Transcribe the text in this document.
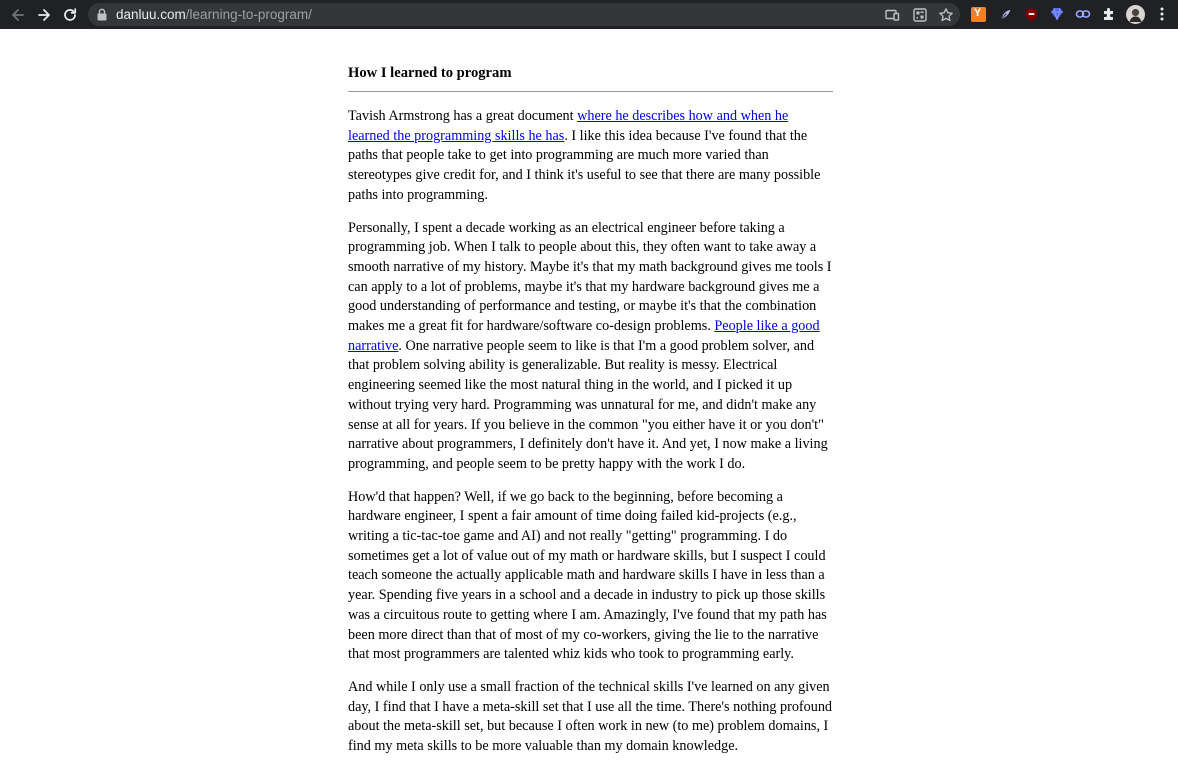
danluu.com/learning-to-program/	Y
How I learned to program

Tavish Armstrong has a great document where he describes how and when he learned the programming skills he has. I like this idea because I've found that the paths that people take to get into programming are much more varied than stereotypes give credit for, and I think it's useful to see that there are many possible paths into programming.

Personally, I spent a decade working as an electrical engineer before taking a programming job. When I talk to people about this, they often want to take away a smooth narrative of my history. Maybe it's that my math background gives me tools I can apply to a lot of problems, maybe it's that my hardware background gives me a good understanding of performance and testing, or maybe it's that the combination makes me a great fit for hardware/software co-design problems. People like a good narrative. One narrative people seem to like is that I'm a good problem solver, and that problem solving ability is generalizable. But reality is messy. Electrical engineering seemed like the most natural thing in the world, and I picked it up without trying very hard. Programming was unnatural for me, and didn't make any sense at all for years. If you believe in the common "you either have it or you don't" narrative about programmers, I definitely don't have it. And yet, I now make a living programming, and people seem to be pretty happy with the work I do.

How'd that happen? Well, if we go back to the beginning, before becoming a hardware engineer, I spent a fair amount of time doing failed kid-projects (e.g., writing a tic-tac-toe game and AI) and not really "getting" programming. I do sometimes get a lot of value out of my math or hardware skills, but I suspect I could teach someone the actually applicable math and hardware skills I have in less than a year. Spending five years in a school and a decade in industry to pick up those skills was a circuitous route to getting where I am. Amazingly, I've found that my path has been more direct than that of most of my co-workers, giving the lie to the narrative that most programmers are talented whiz kids who took to programming early.

And while I only use a small fraction of the technical skills I've learned on any given day, I find that I have a meta-skill set that I use all the time. There's nothing profound about the meta-skill set, but because I often work in new (to me) problem domains, I find my meta skills to be more valuable than my domain knowledge.
